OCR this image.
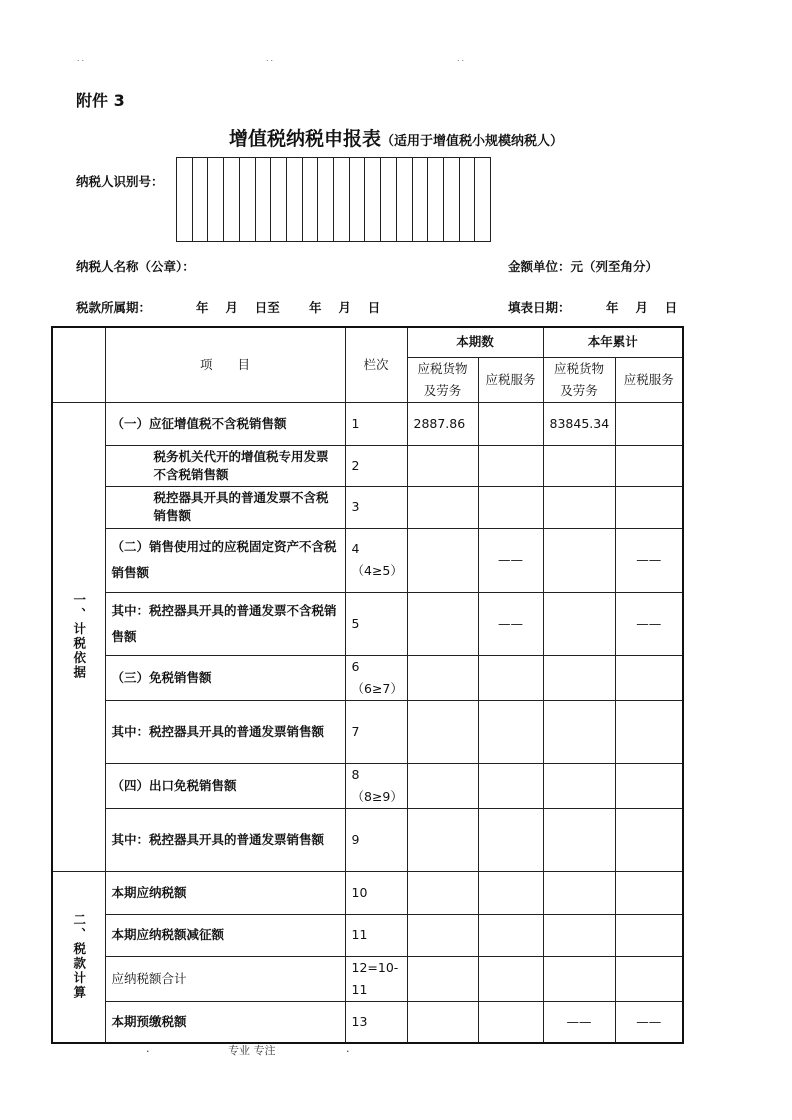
˙˙	˙˙	˙˙
附件 3
增值税纳税申报表（适用于增值税小规模纳税人）
纳税人识别号：
纳税人名称（公章）：	金额单位：元（列至角分）
税款所属期：	年　 月　 日至　　 年　 月　 日	填表日期：	年　 月　 日
	项　　目	栏次	本期数		本年累计	
			应税货物及劳务	应税服务	应税货物及劳务	应税服务

一、计税依据	（一）应征增值税不含税销售额	1	2887.86		83845.34	
	税务机关代开的增值税专用发票不含税销售额	2				
	税控器具开具的普通发票不含税销售额	3				
	（二）销售使用过的应税固定资产不含税销售额	4（4≥5）		——		——
	其中：税控器具开具的普通发票不含税销售额	5		——		——
	（三）免税销售额	6（6≥7）				
	其中：税控器具开具的普通发票销售额	7				
	（四）出口免税销售额	8（8≥9）				
	其中：税控器具开具的普通发票销售额	9				

二、税款计算	本期应纳税额	10				
	本期应纳税额减征额	11				
	应纳税额合计	12=10-11				
	本期预缴税额	13			——	——
.	专业 专注	.
